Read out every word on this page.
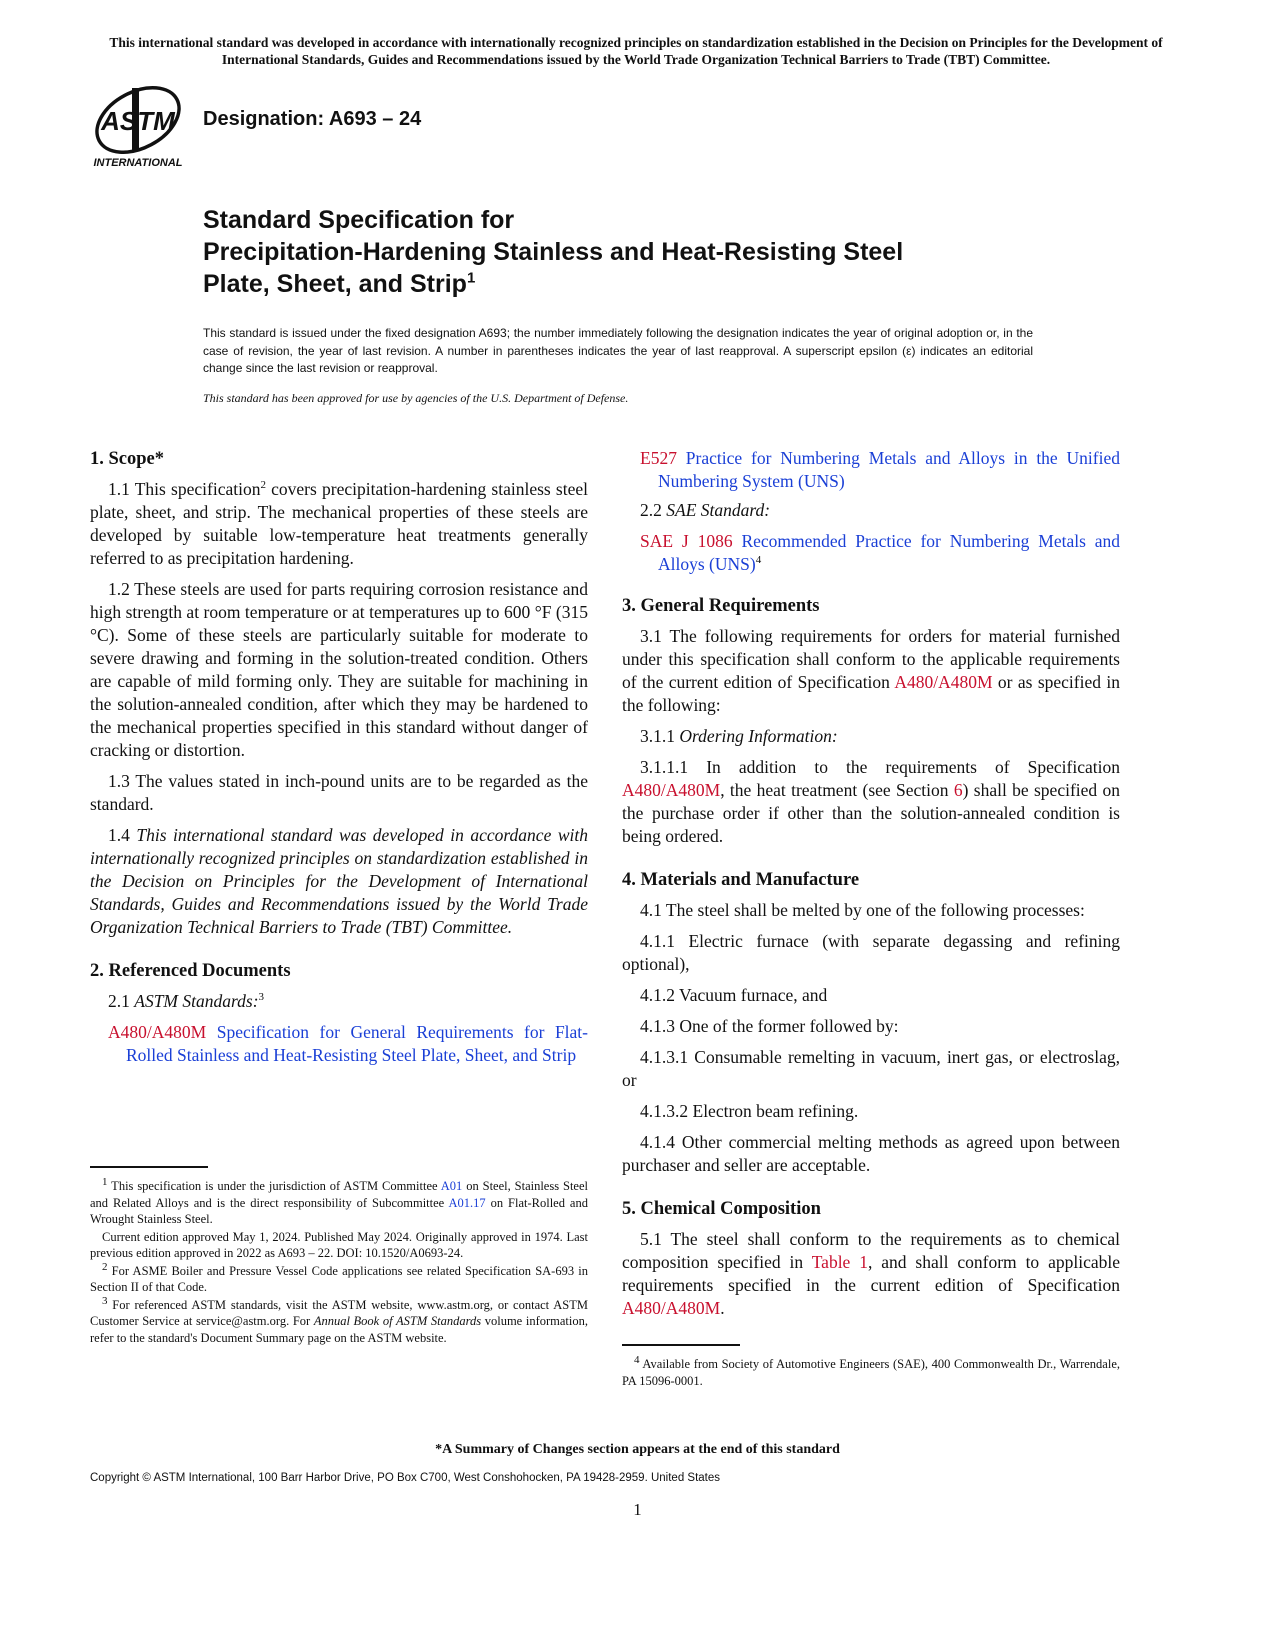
This international standard was developed in accordance with internationally recognized principles on standardization established in the Decision on Principles for the Development of International Standards, Guides and Recommendations issued by the World Trade Organization Technical Barriers to Trade (TBT) Committee.
ASTM
INTERNATIONAL
Designation: A693 – 24
Standard Specification for
Precipitation-Hardening Stainless and Heat-Resisting Steel
Plate, Sheet, and Strip$^1$
This standard is issued under the fixed designation A693; the number immediately following the designation indicates the year of original adoption or, in the case of revision, the year of last revision. A number in parentheses indicates the year of last reapproval. A superscript epsilon (ε) indicates an editorial change since the last revision or reapproval.
This standard has been approved for use by agencies of the U.S. Department of Defense.
1. Scope*

1.1 This specification$^2$ covers precipitation-hardening stainless steel plate, sheet, and strip. The mechanical properties of these steels are developed by suitable low-temperature heat treatments generally referred to as precipitation hardening.

1.2 These steels are used for parts requiring corrosion resistance and high strength at room temperature or at temperatures up to 600 °F (315 °C). Some of these steels are particularly suitable for moderate to severe drawing and forming in the solution-treated condition. Others are capable of mild forming only. They are suitable for machining in the solution-annealed condition, after which they may be hardened to the mechanical properties specified in this standard without danger of cracking or distortion.

1.3 The values stated in inch-pound units are to be regarded as the standard.

1.4 This international standard was developed in accordance with internationally recognized principles on standardization established in the Decision on Principles for the Development of International Standards, Guides and Recommendations issued by the World Trade Organization Technical Barriers to Trade (TBT) Committee.

2. Referenced Documents

2.1 ASTM Standards:$^3$

A480/A480M Specification for General Requirements for Flat-Rolled Stainless and Heat-Resisting Steel Plate, Sheet, and Strip

$^1$ This specification is under the jurisdiction of ASTM Committee A01 on Steel, Stainless Steel and Related Alloys and is the direct responsibility of Subcommittee A01.17 on Flat-Rolled and Wrought Stainless Steel.

Current edition approved May 1, 2024. Published May 2024. Originally approved in 1974. Last previous edition approved in 2022 as A693 – 22. DOI: 10.1520/A0693-24.

$^2$ For ASME Boiler and Pressure Vessel Code applications see related Specification SA-693 in Section II of that Code.

$^3$ For referenced ASTM standards, visit the ASTM website, www.astm.org, or contact ASTM Customer Service at service@astm.org. For Annual Book of ASTM Standards volume information, refer to the standard's Document Summary page on the ASTM website.

E527 Practice for Numbering Metals and Alloys in the Unified Numbering System (UNS)

2.2 SAE Standard:

SAE J 1086 Recommended Practice for Numbering Metals and Alloys (UNS)$^4$
3. General Requirements

3.1 The following requirements for orders for material furnished under this specification shall conform to the applicable requirements of the current edition of Specification A480/A480M or as specified in the following:

3.1.1 Ordering Information:

3.1.1.1 In addition to the requirements of Specification A480/A480M, the heat treatment (see Section 6) shall be specified on the purchase order if other than the solution-annealed condition is being ordered.

4. Materials and Manufacture

4.1 The steel shall be melted by one of the following processes:

4.1.1 Electric furnace (with separate degassing and refining optional),

4.1.2 Vacuum furnace, and

4.1.3 One of the former followed by:

4.1.3.1 Consumable remelting in vacuum, inert gas, or electroslag, or

4.1.3.2 Electron beam refining.

4.1.4 Other commercial melting methods as agreed upon between purchaser and seller are acceptable.

5. Chemical Composition

5.1 The steel shall conform to the requirements as to chemical composition specified in Table 1, and shall conform to applicable requirements specified in the current edition of Specification A480/A480M.

$^4$ Available from Society of Automotive Engineers (SAE), 400 Commonwealth Dr., Warrendale, PA 15096-0001.

*A Summary of Changes section appears at the end of this standard
Copyright © ASTM International, 100 Barr Harbor Drive, PO Box C700, West Conshohocken, PA 19428-2959. United States
1
